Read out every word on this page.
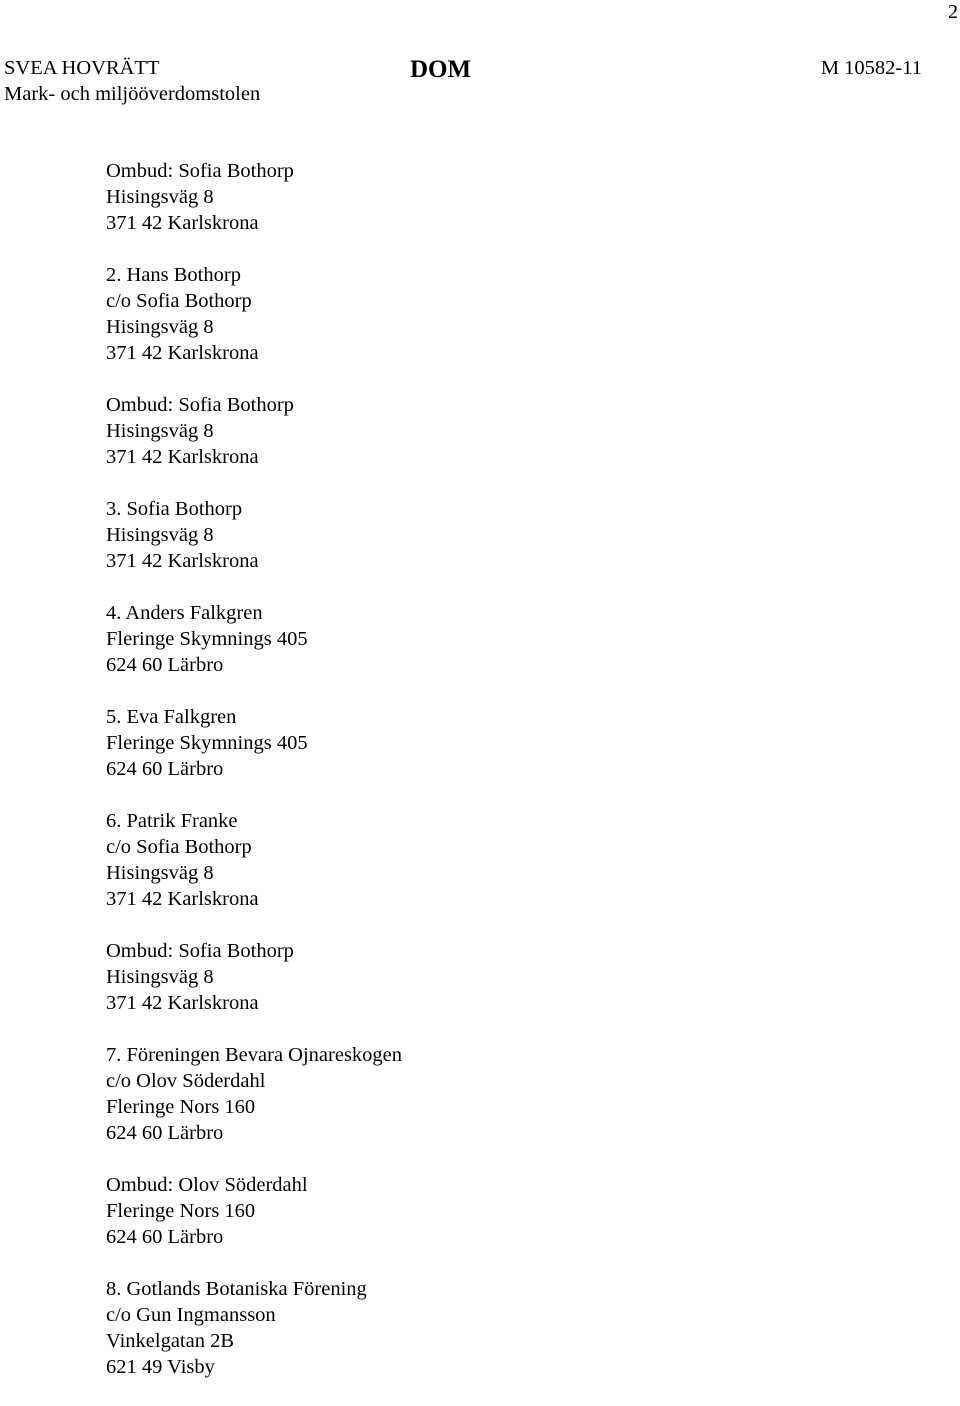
2
SVEA HOVRÄTT
Mark- och miljööverdomstolen
DOM	M 10582-11
Ombud: Sofia Bothorp
Hisingsväg 8
371 42 Karlskrona
2. Hans Bothorp
c/o Sofia Bothorp
Hisingsväg 8
371 42 Karlskrona
Ombud: Sofia Bothorp
Hisingsväg 8
371 42 Karlskrona
3. Sofia Bothorp
Hisingsväg 8
371 42 Karlskrona
4. Anders Falkgren
Fleringe Skymnings 405
624 60 Lärbro
5. Eva Falkgren
Fleringe Skymnings 405
624 60 Lärbro
6. Patrik Franke
c/o Sofia Bothorp
Hisingsväg 8
371 42 Karlskrona
Ombud: Sofia Bothorp
Hisingsväg 8
371 42 Karlskrona
7. Föreningen Bevara Ojnareskogen
c/o Olov Söderdahl
Fleringe Nors 160
624 60 Lärbro
Ombud: Olov Söderdahl
Fleringe Nors 160
624 60 Lärbro
8. Gotlands Botaniska Förening
c/o Gun Ingmansson
Vinkelgatan 2B
621 49 Visby
